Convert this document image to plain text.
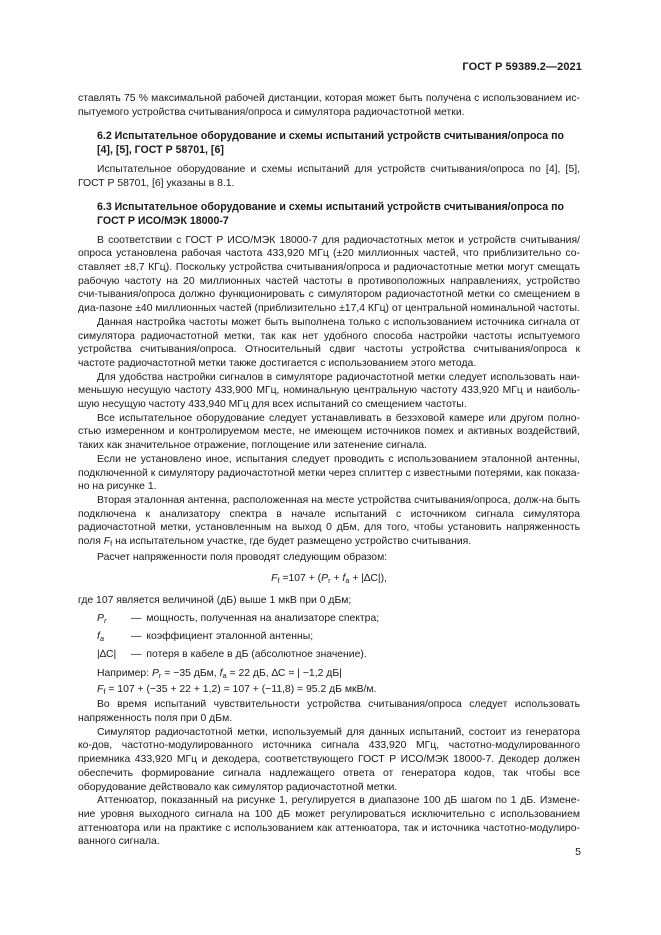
ГОСТ Р 59389.2—2021

ставлять 75 % максимальной рабочей дистанции, которая может быть получена с использованием ис-пытуемого устройства считывания/опроса и симулятора радиочастотной метки.

6.2 Испытательное оборудование и схемы испытаний устройств считывания/опроса по [4], [5], ГОСТ Р 58701, [6]

Испытательное оборудование и схемы испытаний для устройств считывания/опроса по [4], [5], ГОСТ Р 58701, [6] указаны в 8.1.

6.3 Испытательное оборудование и схемы испытаний устройств считывания/опроса по ГОСТ Р ИСО/МЭК 18000-7

В соответствии с ГОСТ Р ИСО/МЭК 18000-7 для радиочастотных меток и устройств считывания/опроса установлена рабочая частота 433,920 МГц (±20 миллионных частей, что приблизительно со-ставляет ±8,7 КГц). Поскольку устройства считывания/опроса и радиочастотные метки могут смещать рабочую частоту на 20 миллионных частей частоты в противоположных направлениях, устройство счи-тывания/опроса должно функционировать с симулятором радиочастотной метки со смещением в диа-пазоне ±40 миллионных частей (приблизительно ±17,4 КГц) от центральной номинальной частоты.

Данная настройка частоты может быть выполнена только с использованием источника сигнала от симулятора радиочастотной метки, так как нет удобного способа настройки частоты испытуемого устройства считывания/опроса. Относительный сдвиг частоты устройства считывания/опроса к частоте радиочастотной метки также достигается с использованием этого метода.

Для удобства настройки сигналов в симуляторе радиочастотной метки следует использовать наи-меньшую несущую частоту 433,900 МГц, номинальную центральную частоту 433,920 МГц и наиболь-шую несущую частоту 433,940 МГц для всех испытаний со смещением частоты.

Все испытательное оборудование следует устанавливать в безэховой камере или другом полно-стью измеренном и контролируемом месте, не имеющем источников помех и активных воздействий, таких как значительное отражение, поглощение или затенение сигнала.

Если не установлено иное, испытания следует проводить с использованием эталонной антенны, подключенной к симулятору радиочастотной метки через сплиттер с известными потерями, как показа-но на рисунке 1.

Вторая эталонная антенна, расположенная на месте устройства считывания/опроса, долж-на быть подключена к анализатору спектра в начале испытаний с источником сигнала симулятора радиочастотной метки, установленным на выход 0 дБм, для того, чтобы установить напряженность поля $F_f$ на испытательном участке, где будет размещено устройство считывания.

Расчет напряженности поля проводят следующим образом:

$F_f =107 + (P_r + f_a + |\Delta C|)$,

где 107 является величиной (дБ) выше 1 мкВ при 0 дБм;

$P_r$	— мощность, полученная на анализаторе спектра;
$f_a$	— коэффициент эталонной антенны;
|∆C|	— потеря в кабеле в дБ (абсолютное значение).
Например: $P_r = -35$ дБм, $f_a = 22$ дБ, ∆C = | −1,2 дБ|
$F_f = 107 + (-35 + 22 + 1,2) = 107 + (-11,8) = 95.2$ дБ мкВ/м.

Во время испытаний чувствительности устройства считывания/опроса следует использовать напряженность поля при 0 дБм.

Симулятор радиочастотной метки, используемый для данных испытаний, состоит из генератора ко-дов, частотно-модулированного источника сигнала 433,920 МГц, частотно-модулированного приемника 433,920 МГц и декодера, соответствующего ГОСТ Р ИСО/МЭК 18000-7. Декодер должен обеспечить формирование сигнала надлежащего ответа от генератора кодов, так чтобы все оборудование действовало как симулятор радиочастотной метки.

Аттенюатор, показанный на рисунке 1, регулируется в диапазоне 100 дБ шагом по 1 дБ. Измене-ние уровня выходного сигнала на 100 дБ может регулироваться исключительно с использованием аттенюатора или на практике с использованием как аттенюатора, так и источника частотно-модулиро-ванного сигнала.

5
